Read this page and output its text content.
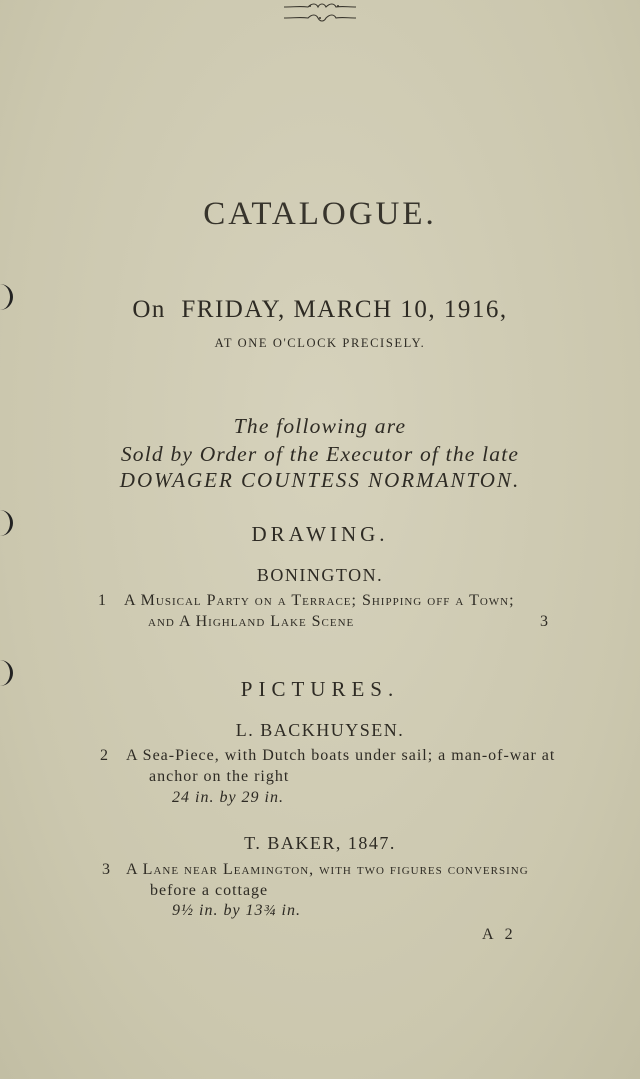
CATALOGUE.
On FRIDAY, MARCH 10, 1916,
AT ONE O'CLOCK PRECISELY.
The following are
Sold by Order of the Executor of the late
DOWAGER COUNTESS NORMANTON.
DRAWING.
BONINGTON.
1 A Musical Party on a Terrace; Shipping off a Town;
and A Highland Lake Scene	3
PICTURES.
L. BACKHUYSEN.
2 A Sea-Piece, with Dutch boats under sail; a man-of-war at
anchor on the right
24 in. by 29 in.
T. BAKER, 1847.
3 A Lane near Leamington, with two figures conversing
before a cottage
9½ in. by 13¾ in.
A 2
